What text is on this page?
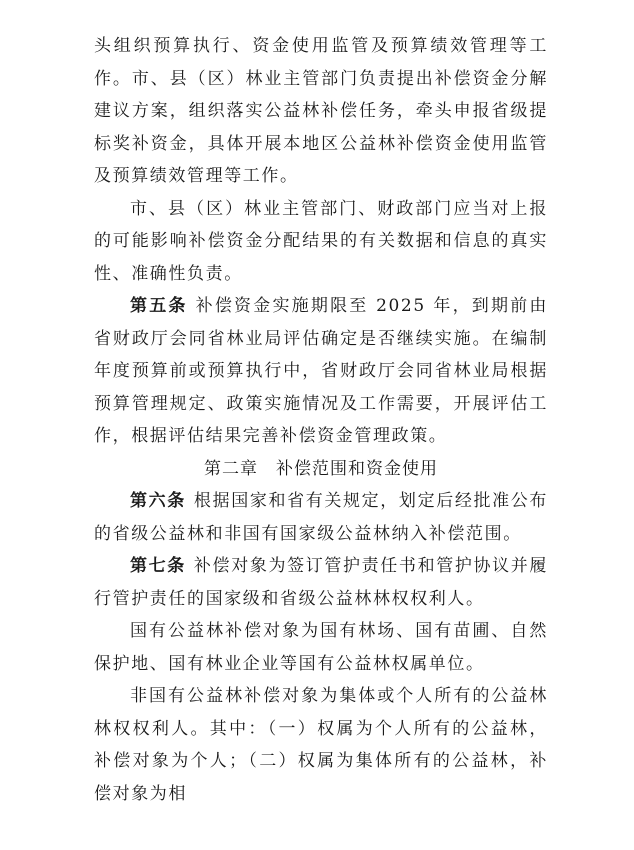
头组织预算执行、资金使用监管及预算绩效管理等工作。市、县（区）林业主管部门负责提出补偿资金分解建议方案，组织落实公益林补偿任务，牵头申报省级提标奖补资金，具体开展本地区公益林补偿资金使用监管及预算绩效管理等工作。

市、县（区）林业主管部门、财政部门应当对上报的可能影响补偿资金分配结果的有关数据和信息的真实性、准确性负责。

第五条 补偿资金实施期限至 2025 年，到期前由省财政厅会同省林业局评估确定是否继续实施。在编制年度预算前或预算执行中，省财政厅会同省林业局根据预算管理规定、政策实施情况及工作需要，开展评估工作，根据评估结果完善补偿资金管理政策。

第二章　补偿范围和资金使用

第六条 根据国家和省有关规定，划定后经批准公布的省级公益林和非国有国家级公益林纳入补偿范围。

第七条 补偿对象为签订管护责任书和管护协议并履行管护责任的国家级和省级公益林林权权利人。

国有公益林补偿对象为国有林场、国有苗圃、自然保护地、国有林业企业等国有公益林权属单位。

非国有公益林补偿对象为集体或个人所有的公益林林权权利人。其中：（一）权属为个人所有的公益林，补偿对象为个人；（二）权属为集体所有的公益林，补偿对象为相
